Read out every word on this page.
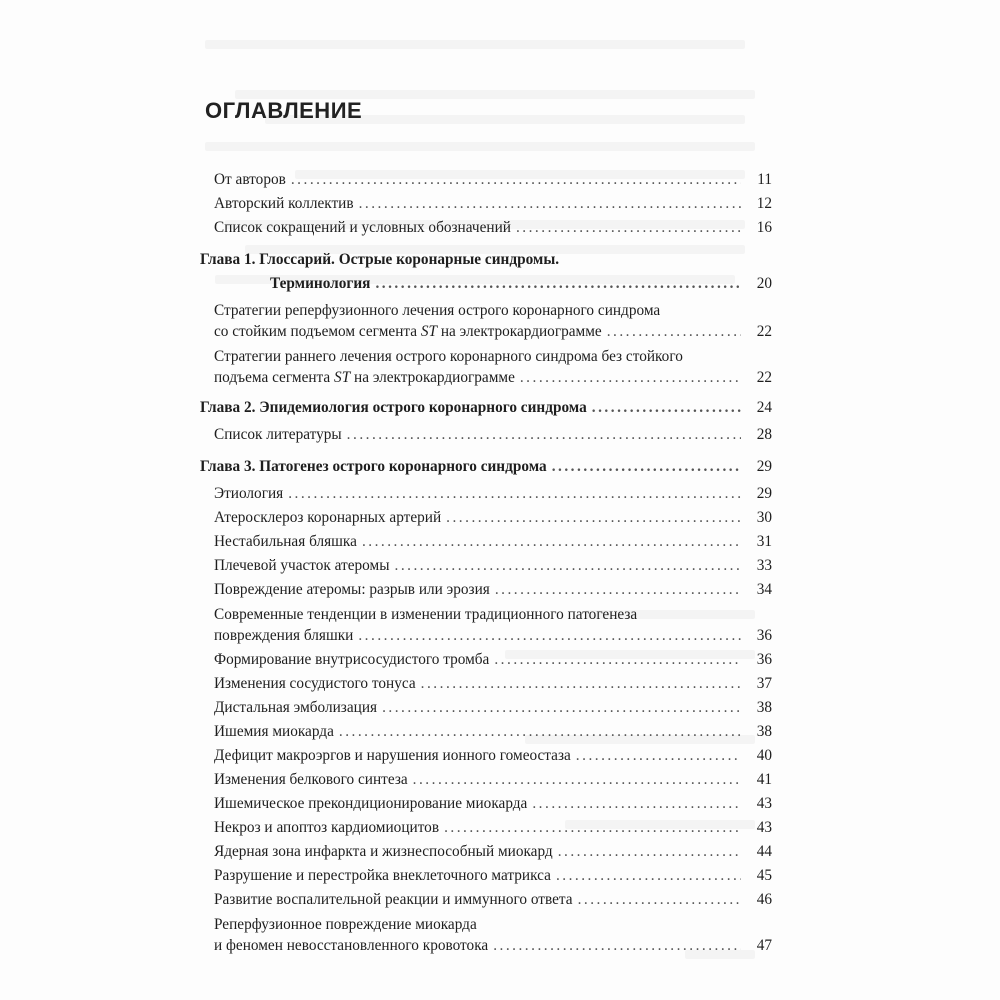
ОГЛАВЛЕНИЕ
От авторов .....	11
Авторский коллектив .....	12
Список сокращений и условных обозначений .....	16
Глава 1. Глоссарий. Острые коронарные синдромы.
Терминология .....	20
Стратегии реперфузионного лечения острого коронарного синдрома
со стойким подъемом сегмента ST на электрокардиограмме .....	22
Стратегии раннего лечения острого коронарного синдрома без стойкого
подъема сегмента ST на электрокардиограмме .....	22
Глава 2. Эпидемиология острого коронарного синдрома .....	24
Список литературы .....	28
Глава 3. Патогенез острого коронарного синдрома .....	29
Этиология .....	29
Атеросклероз коронарных артерий .....	30
Нестабильная бляшка .....	31
Плечевой участок атеромы .....	33
Повреждение атеромы: разрыв или эрозия .....	34
Современные тенденции в изменении традиционного патогенеза
повреждения бляшки .....	36
Формирование внутрисосудистого тромба .....	36
Изменения сосудистого тонуса .....	37
Дистальная эмболизация .....	38
Ишемия миокарда .....	38
Дефицит макроэргов и нарушения ионного гомеостаза .....	40
Изменения белкового синтеза .....	41
Ишемическое прекондиционирование миокарда .....	43
Некроз и апоптоз кардиомиоцитов .....	43
Ядерная зона инфаркта и жизнеспособный миокард .....	44
Разрушение и перестройка внеклеточного матрикса .....	45
Развитие воспалительной реакции и иммунного ответа .....	46
Реперфузионное повреждение миокарда
и феномен невосстановленного кровотока .....	47
